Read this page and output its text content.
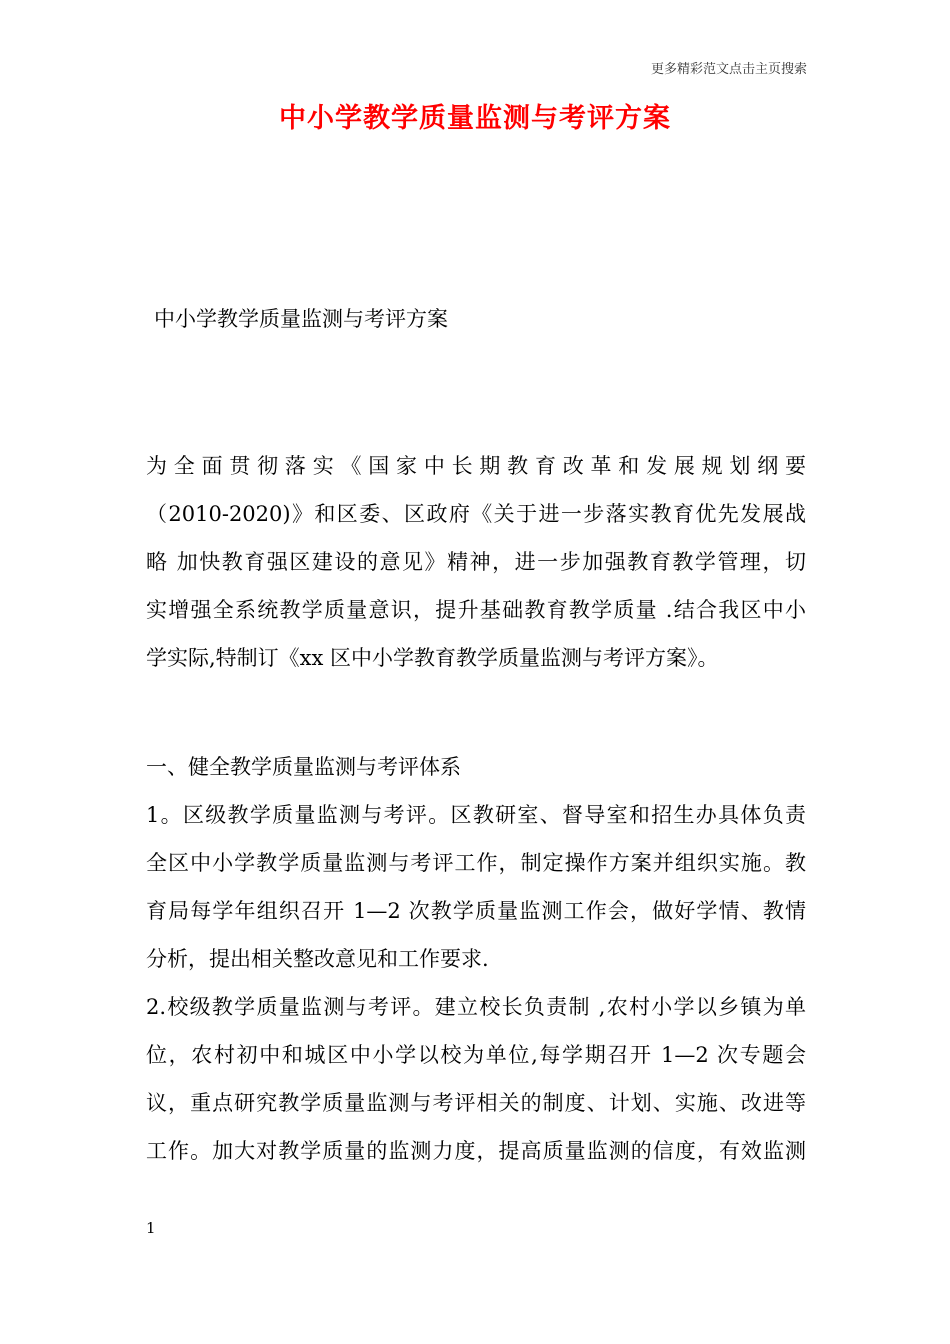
更多精彩范文点击主页搜索
中小学教学质量监测与考评方案
中小学教学质量监测与考评方案
为全面贯彻落实《国家中长期教育改革和发展规划纲要
（2010-2020)》和区委、区政府《关于进一步落实教育优先发展战
略 加快教育强区建设的意见》精神，进一步加强教育教学管理，切
实增强全系统教学质量意识，提升基础教育教学质量 .结合我区中小
学实际,特制订《xx 区中小学教育教学质量监测与考评方案》。
一、健全教学质量监测与考评体系
1。区级教学质量监测与考评。区教研室、督导室和招生办具体负责
全区中小学教学质量监测与考评工作，制定操作方案并组织实施。教
育局每学年组织召开 1—2 次教学质量监测工作会，做好学情、教情
分析，提出相关整改意见和工作要求.
2.校级教学质量监测与考评。建立校长负责制 ,农村小学以乡镇为单
位，农村初中和城区中小学以校为单位,每学期召开 1—2 次专题会
议，重点研究教学质量监测与考评相关的制度、计划、实施、改进等
工作。加大对教学质量的监测力度，提高质量监测的信度，有效监测
1
